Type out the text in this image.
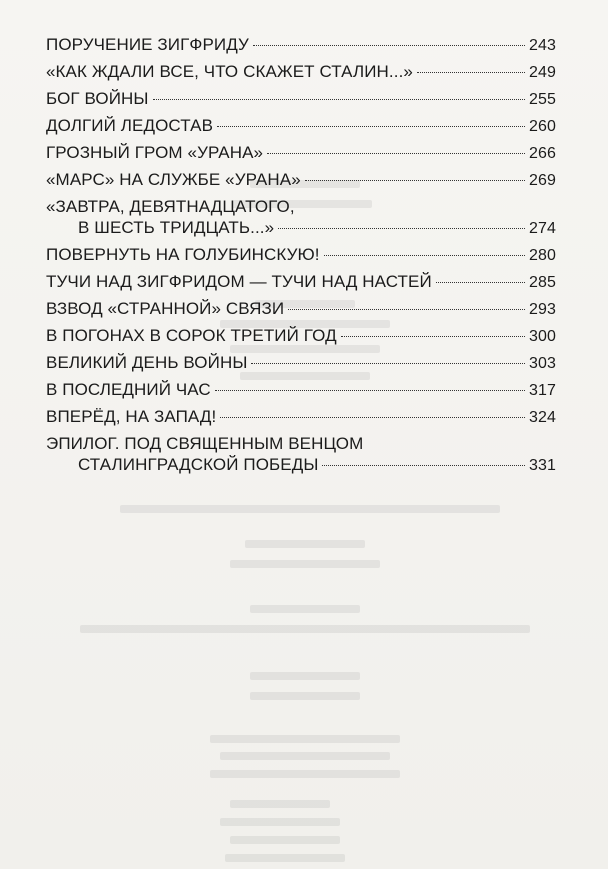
ПОРУЧЕНИЕ ЗИГФРИДУ	243
«КАК ЖДАЛИ ВСЕ, ЧТО СКАЖЕТ СТАЛИН...»	249
БОГ ВОЙНЫ	255
ДОЛГИЙ ЛЕДОСТАВ	260
ГРОЗНЫЙ ГРОМ «УРАНА»	266
«МАРС» НА СЛУЖБЕ «УРАНА»	269
«ЗАВТРА, ДЕВЯТНАДЦАТОГО,
В ШЕСТЬ ТРИДЦАТЬ...»	274
ПОВЕРНУТЬ НА ГОЛУБИНСКУЮ!	280
ТУЧИ НАД ЗИГФРИДОМ — ТУЧИ НАД НАСТЕЙ	285
ВЗВОД «СТРАННОЙ» СВЯЗИ	293
В ПОГОНАХ В СОРОК ТРЕТИЙ ГОД	300
ВЕЛИКИЙ ДЕНЬ ВОЙНЫ	303
В ПОСЛЕДНИЙ ЧАС	317
ВПЕРЁД, НА ЗАПАД!	324
ЭПИЛОГ. ПОД СВЯЩЕННЫМ ВЕНЦОМ
СТАЛИНГРАДСКОЙ ПОБЕДЫ	331
